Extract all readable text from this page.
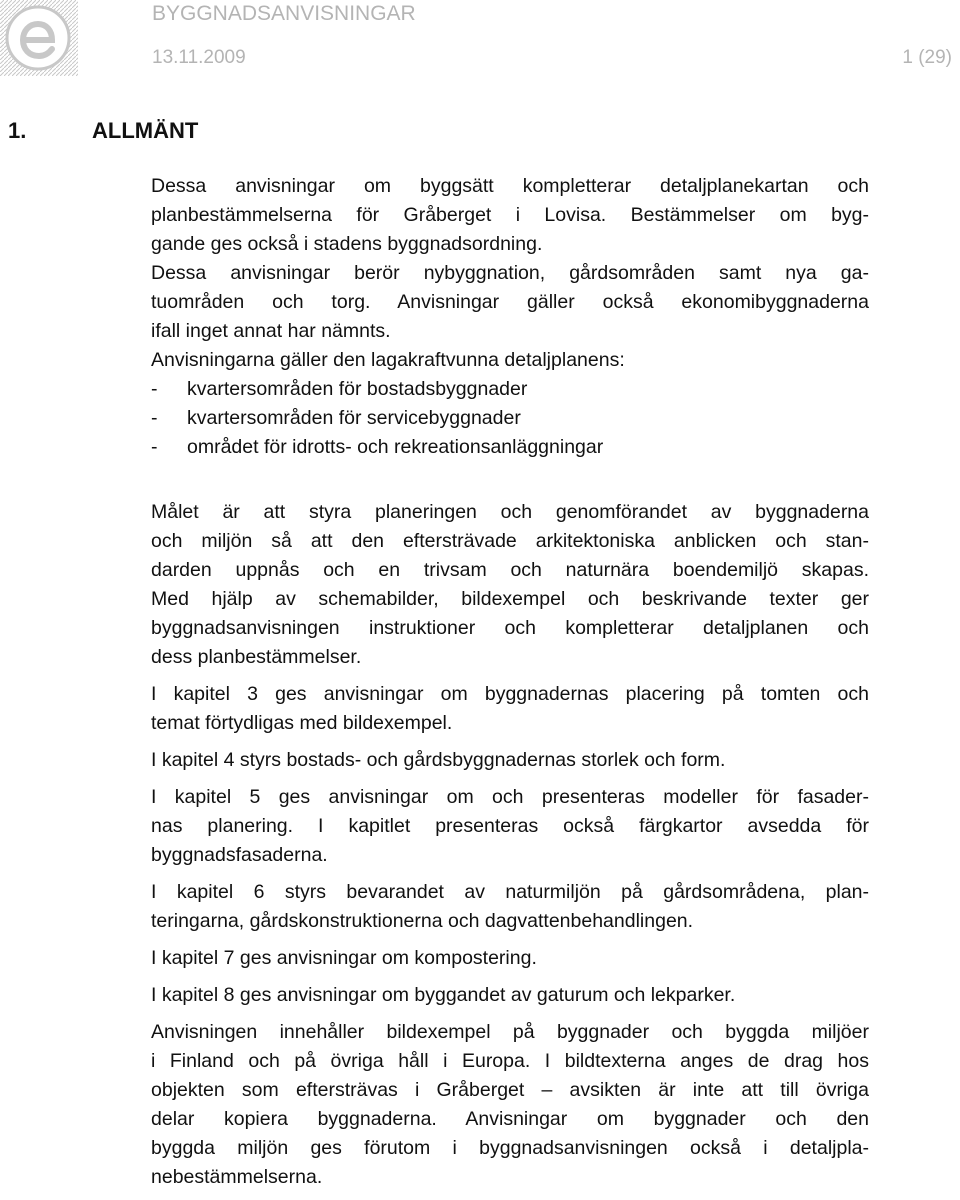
BYGGNADSANVISNINGAR
13.11.2009	1 (29)
1.	ALLMÄNT

Dessa anvisningar om byggsätt kompletterar detaljplanekartan och
planbestämmelserna för Gråberget i Lovisa. Bestämmelser om byg-
gande ges också i stadens byggnadsordning.

Dessa anvisningar berör nybyggnation, gårdsområden samt nya ga-
tuområden och torg. Anvisningar gäller också ekonomibyggnaderna
ifall inget annat har nämnts.

Anvisningarna gäller den lagakraftvunna detaljplanens:

- kvartersområden för bostadsbyggnader
- kvartersområden för servicebyggnader
- området för idrotts- och rekreationsanläggningar

Målet är att styra planeringen och genomförandet av byggnaderna
och miljön så att den eftersträvade arkitektoniska anblicken och stan-
darden uppnås och en trivsam och naturnära boendemiljö skapas.
Med hjälp av schemabilder, bildexempel och beskrivande texter ger
byggnadsanvisningen instruktioner och kompletterar detaljplanen och
dess planbestämmelser.

I kapitel 3 ges anvisningar om byggnadernas placering på tomten och
temat förtydligas med bildexempel.

I kapitel 4 styrs bostads- och gårdsbyggnadernas storlek och form.

I kapitel 5 ges anvisningar om och presenteras modeller för fasader-
nas planering. I kapitlet presenteras också färgkartor avsedda för
byggnadsfasaderna.

I kapitel 6 styrs bevarandet av naturmiljön på gårdsområdena, plan-
teringarna, gårdskonstruktionerna och dagvattenbehandlingen.

I kapitel 7 ges anvisningar om kompostering.

I kapitel 8 ges anvisningar om byggandet av gaturum och lekparker.

Anvisningen innehåller bildexempel på byggnader och byggda miljöer
i Finland och på övriga håll i Europa. I bildtexterna anges de drag hos
objekten som eftersträvas i Gråberget – avsikten är inte att till övriga
delar kopiera byggnaderna. Anvisningar om byggnader och den
byggda miljön ges förutom i byggnadsanvisningen också i detaljpla-
nebestämmelserna.
